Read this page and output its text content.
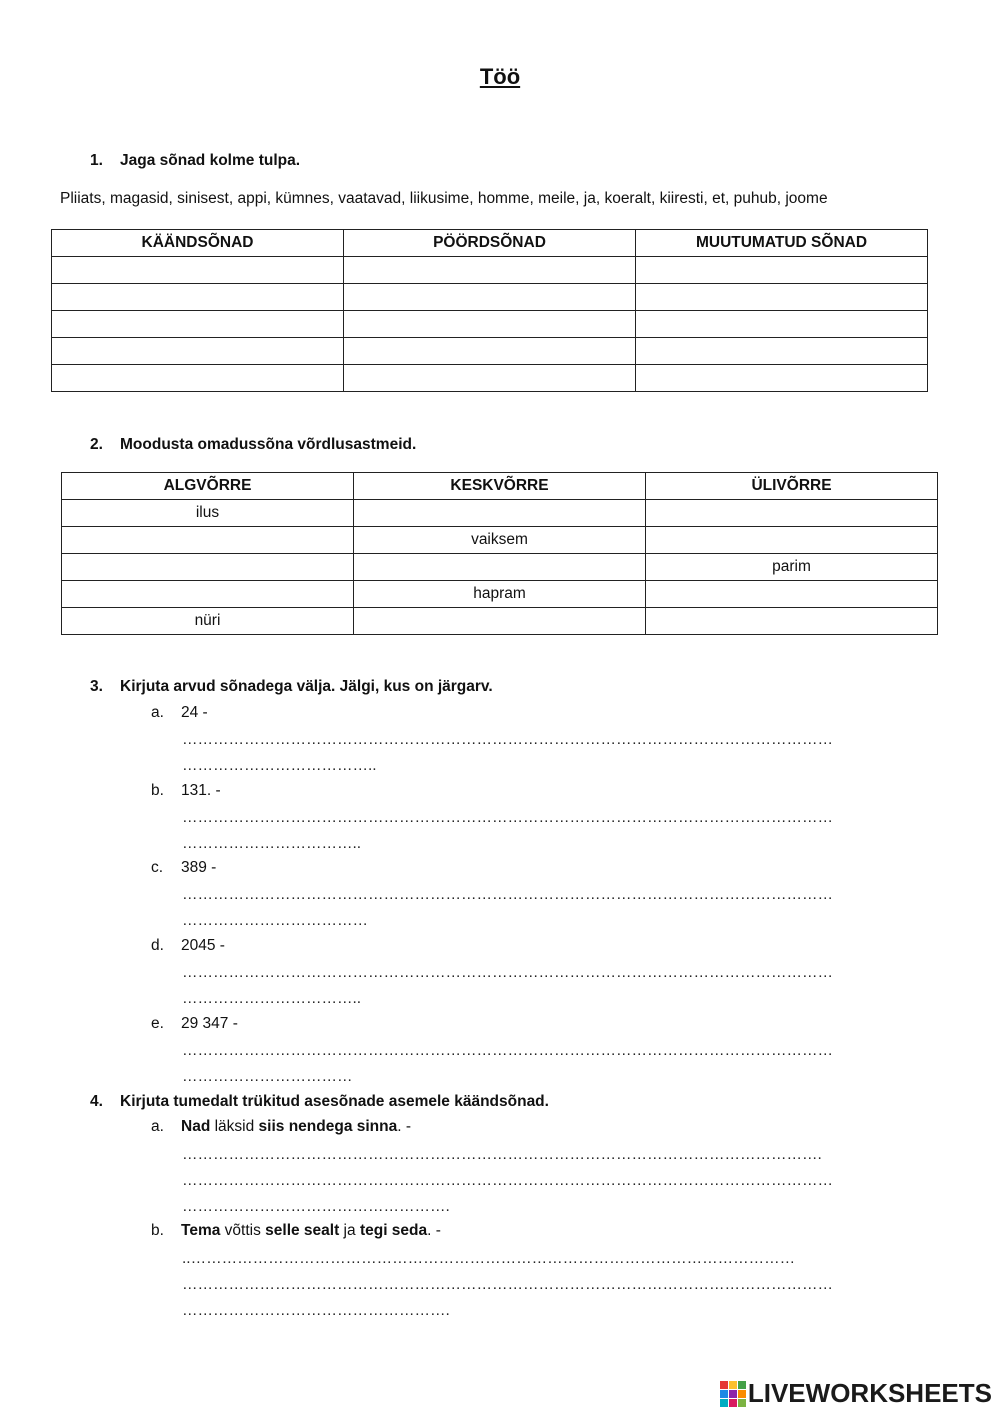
Töö
1. Jaga sõnad kolme tulpa.
Pliiats, magasid, sinisest, appi, kümnes, vaatavad, liikusime, homme, meile, ja, koeralt, kiiresti, et, puhub, joome
KÄÄNDSÕNAD	PÖÖRDSÕNAD	MUUTUMATUD SÕNAD

2. Moodusta omadussõna võrdlusastmeid.
ALGVÕRRE	KESKVÕRRE	ÜLIVÕRRE
ilus		
	vaiksem	
		parim
	hapram	
nüri		
3. Kirjuta arvud sõnadega välja. Jälgi, kus on järgarv.
a. 24 -
………………………………………………………………………………………………………………
………………………………..
b. 131. -
………………………………………………………………………………………………………………
……………………………..
c. 389 -
………………………………………………………………………………………………………………
………………………………
d. 2045 -
………………………………………………………………………………………………………………
……………………………..
e. 29 347 -
………………………………………………………………………………………………………………
……………………………
4. Kirjuta tumedalt trükitud asesõnade asemele käändsõnad.
a. Nad läksid siis nendega sinna. -
…………………………………………………………………………………………………………….
………………………………………………………………………………………………………………
…………………………………………….
b. Tema võttis selle sealt ja tegi seda. -
..………………………………………………………………………………………………………
………………………………………………………………………………………………………………
…………………………………………….
LIVEWORKSHEETS
